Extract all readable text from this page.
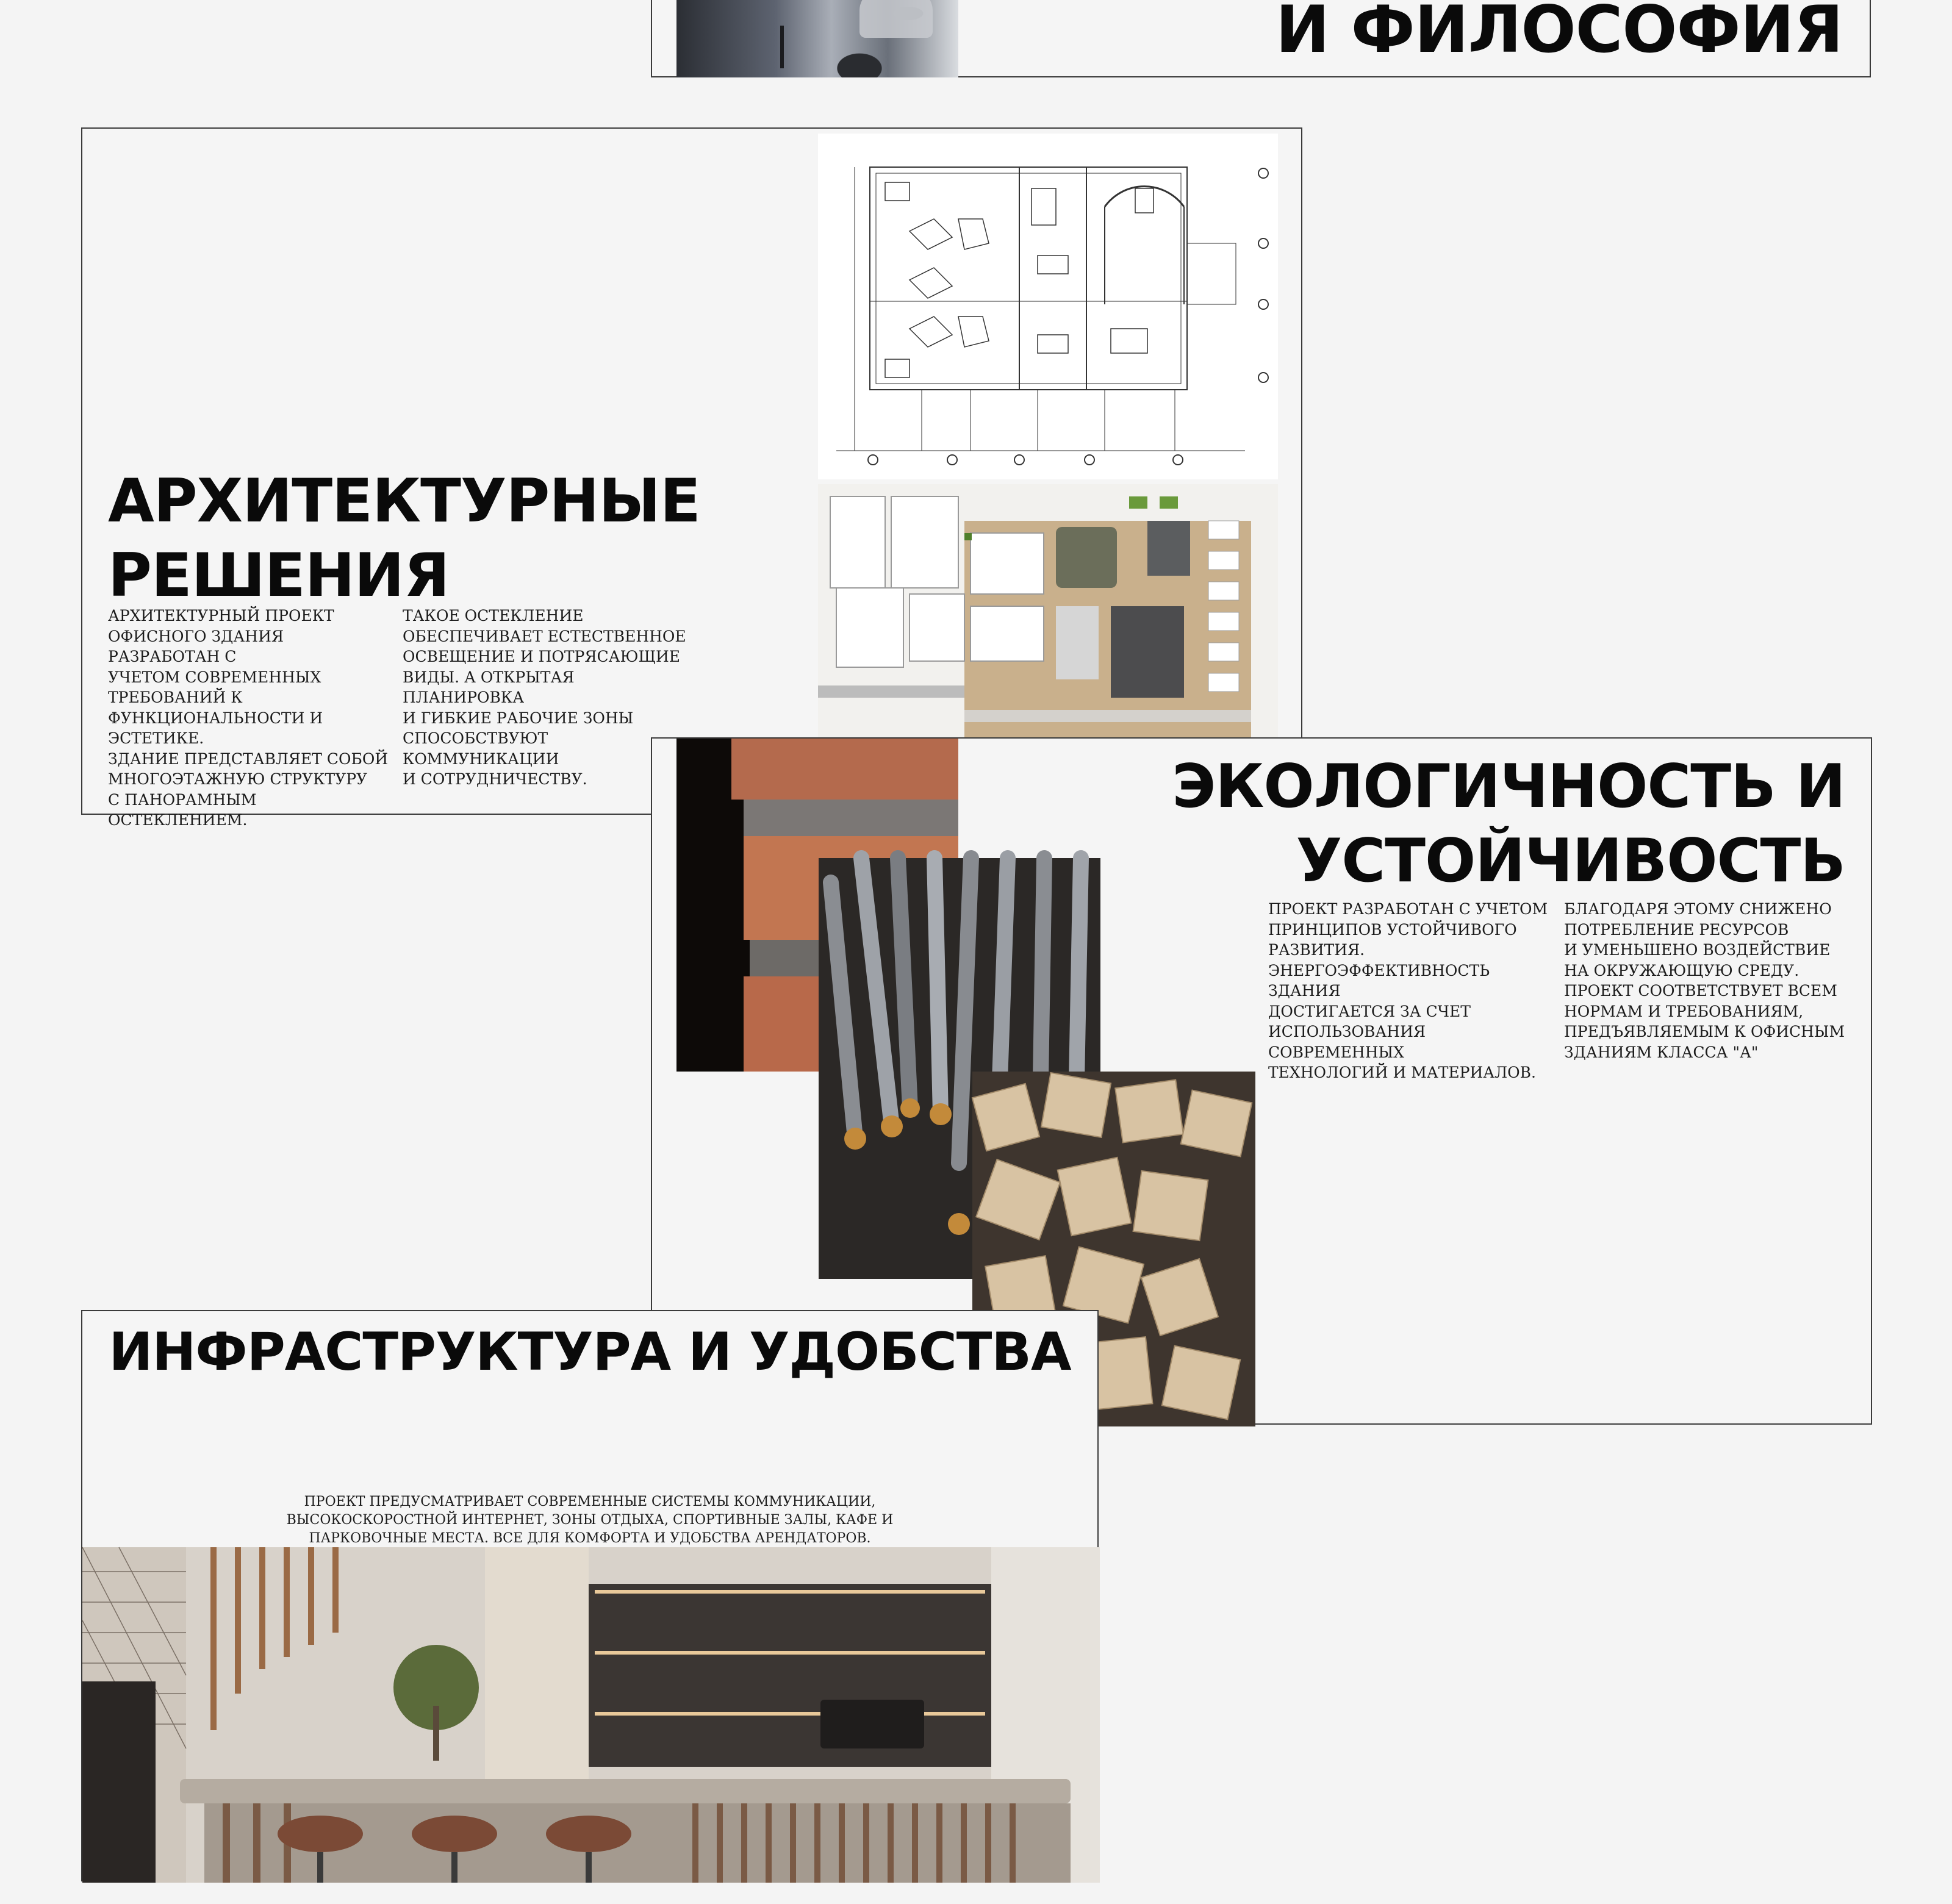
И ФИЛОСОФИЯ
АРХИТЕКТУРНЫЕ
РЕШЕНИЯ

АРХИТЕКТУРНЫЙ ПРОЕКТ
ОФИСНОГО ЗДАНИЯ РАЗРАБОТАН С
УЧЕТОМ СОВРЕМЕННЫХ
ТРЕБОВАНИЙ К
ФУНКЦИОНАЛЬНОСТИ И
ЭСТЕТИКЕ.
ЗДАНИЕ ПРЕДСТАВЛЯЕТ СОБОЙ
МНОГОЭТАЖНУЮ СТРУКТУРУ
С ПАНОРАМНЫМ ОСТЕКЛЕНИЕМ.

ТАКОЕ ОСТЕКЛЕНИЕ
ОБЕСПЕЧИВАЕТ ЕСТЕСТВЕННОЕ
ОСВЕЩЕНИЕ И ПОТРЯСАЮЩИЕ
ВИДЫ. А ОТКРЫТАЯ ПЛАНИРОВКА
И ГИБКИЕ РАБОЧИЕ ЗОНЫ
СПОСОБСТВУЮТ КОММУНИКАЦИИ
И СОТРУДНИЧЕСТВУ.	ЭКОЛОГИЧНОСТЬ И
УСТОЙЧИВОСТЬ

ПРОЕКТ РАЗРАБОТАН С УЧЕТОМ
ПРИНЦИПОВ УСТОЙЧИВОГО
РАЗВИТИЯ.
ЭНЕРГОЭФФЕКТИВНОСТЬ ЗДАНИЯ
ДОСТИГАЕТСЯ ЗА СЧЕТ
ИСПОЛЬЗОВАНИЯ СОВРЕМЕННЫХ
ТЕХНОЛОГИЙ И МАТЕРИАЛОВ.

БЛАГОДАРЯ ЭТОМУ СНИЖЕНО
ПОТРЕБЛЕНИЕ РЕСУРСОВ
И УМЕНЬШЕНО ВОЗДЕЙСТВИЕ
НА ОКРУЖАЮЩУЮ СРЕДУ.
ПРОЕКТ СООТВЕТСТВУЕТ ВСЕМ
НОРМАМ И ТРЕБОВАНИЯМ,
ПРЕДЪЯВЛЯЕМЫМ К ОФИСНЫМ
ЗДАНИЯМ КЛАССА "А"

ИНФРАСТРУКТУРА И УДОБСТВА

ПРОЕКТ ПРЕДУСМАТРИВАЕТ СОВРЕМЕННЫЕ СИСТЕМЫ КОММУНИКАЦИИ,
ВЫСОКОСКОРОСТНОЙ ИНТЕРНЕТ, ЗОНЫ ОТДЫХА, СПОРТИВНЫЕ ЗАЛЫ, КАФЕ И
ПАРКОВОЧНЫЕ МЕСТА. ВСЕ ДЛЯ КОМФОРТА И УДОБСТВА АРЕНДАТОРОВ.
